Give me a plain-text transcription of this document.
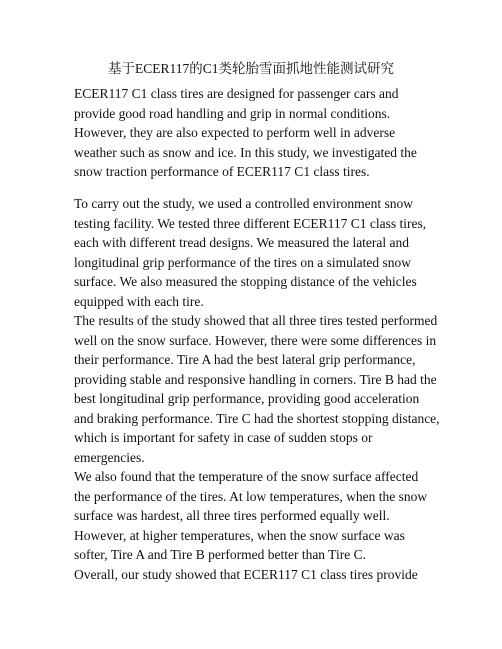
基于ECER117的C1类轮胎雪面抓地性能测试研究
ECER117 C1 class tires are designed for passenger cars and
provide good road handling and grip in normal conditions.
However, they are also expected to perform well in adverse
weather such as snow and ice. In this study, we investigated the
snow traction performance of ECER117 C1 class tires.
To carry out the study, we used a controlled environment snow
testing facility. We tested three different ECER117 C1 class tires,
each with different tread designs. We measured the lateral and
longitudinal grip performance of the tires on a simulated snow
surface. We also measured the stopping distance of the vehicles
equipped with each tire.
The results of the study showed that all three tires tested performed
well on the snow surface. However, there were some differences in
their performance. Tire A had the best lateral grip performance,
providing stable and responsive handling in corners. Tire B had the
best longitudinal grip performance, providing good acceleration
and braking performance. Tire C had the shortest stopping distance,
which is important for safety in case of sudden stops or
emergencies.
We also found that the temperature of the snow surface affected
the performance of the tires. At low temperatures, when the snow
surface was hardest, all three tires performed equally well.
However, at higher temperatures, when the snow surface was
softer, Tire A and Tire B performed better than Tire C.
Overall, our study showed that ECER117 C1 class tires provide
